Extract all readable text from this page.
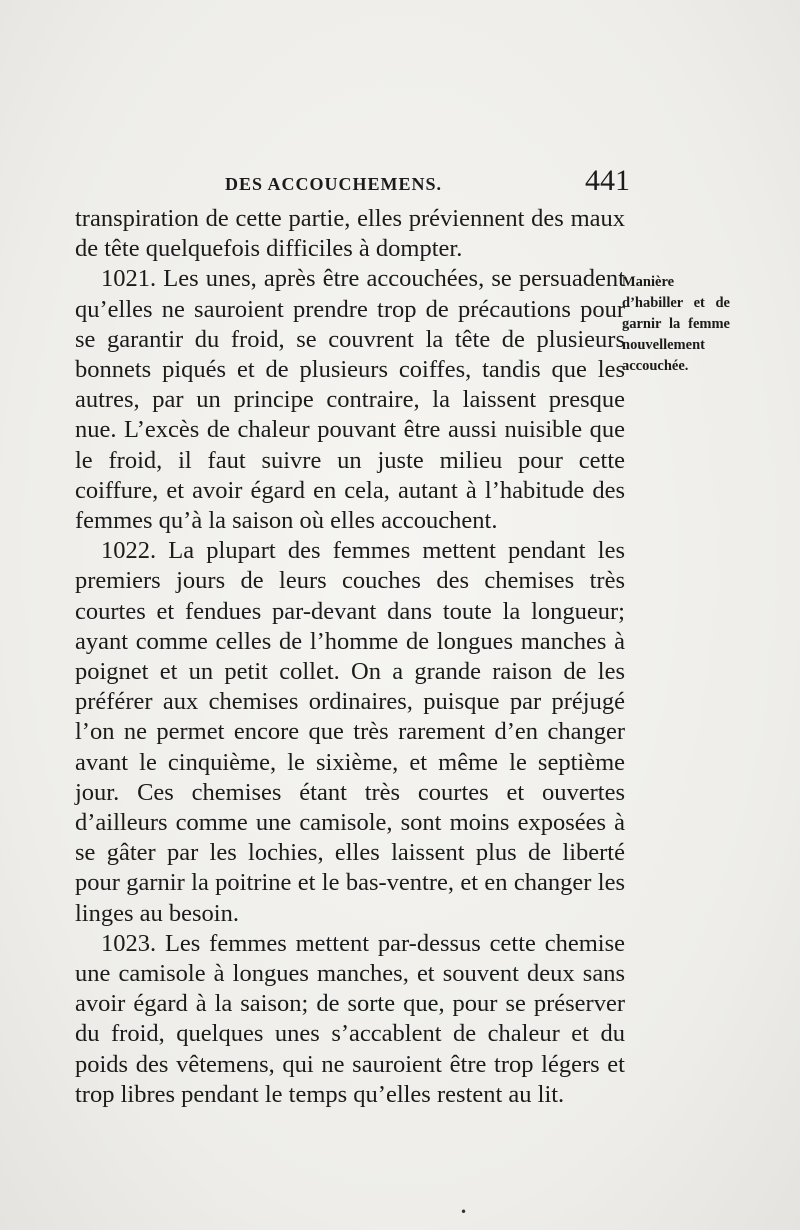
DES ACCOUCHEMENS.	441

transpiration de cette partie, elles préviennent des maux de tête quelquefois difficiles à dompter.

1021. Les unes, après être accouchées, se persuadent qu’elles ne sauroient prendre trop de précautions pour se garantir du froid, se couvrent la tête de plusieurs bonnets piqués et de plusieurs coiffes, tandis que les autres, par un principe contraire, la laissent presque nue. L’excès de chaleur pouvant être aussi nuisible que le froid, il faut suivre un juste milieu pour cette coiffure, et avoir égard en cela, autant à l’habitude des femmes qu’à la saison où elles accouchent.

1022. La plupart des femmes mettent pendant les premiers jours de leurs couches des chemises très courtes et fendues par-devant dans toute la longueur; ayant comme celles de l’homme de longues manches à poignet et un petit collet. On a grande raison de les préférer aux chemises ordinaires, puisque par préjugé l’on ne permet encore que très rarement d’en changer avant le cinquième, le sixième, et même le septième jour. Ces chemises étant très courtes et ouvertes d’ailleurs comme une camisole, sont moins exposées à se gâter par les lochies, elles laissent plus de liberté pour garnir la poitrine et le bas-ventre, et en changer les linges au besoin.

1023. Les femmes mettent par-dessus cette chemise une camisole à longues manches, et souvent deux sans avoir égard à la saison; de sorte que, pour se préserver du froid, quelques unes s’accablent de chaleur et du poids des vêtemens, qui ne sauroient être trop légers et trop libres pendant le temps qu’elles restent au lit.

Manière d’habiller et de garnir la femme nouvellement accouchée.
•
